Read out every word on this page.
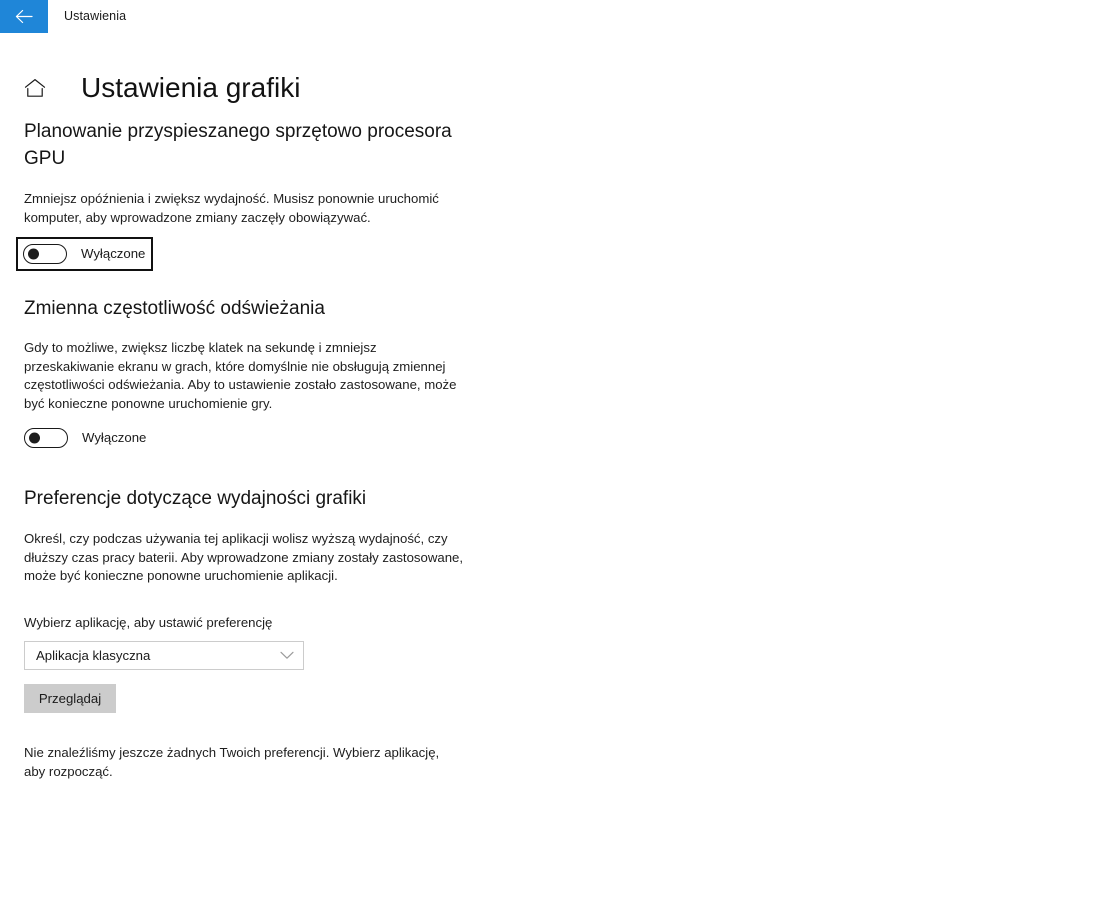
Ustawienia
Ustawienia grafiki
Planowanie przyspieszanego sprzętowo procesora GPU

Zmniejsz opóźnienia i zwiększ wydajność. Musisz ponownie uruchomić komputer, aby wprowadzone zmiany zaczęły obowiązywać.

Wyłączone
Zmienna częstotliwość odświeżania

Gdy to możliwe, zwiększ liczbę klatek na sekundę i zmniejsz przeskakiwanie ekranu w grach, które domyślnie nie obsługują zmiennej częstotliwości odświeżania. Aby to ustawienie zostało zastosowane, może być konieczne ponowne uruchomienie gry.

Wyłączone
Preferencje dotyczące wydajności grafiki

Określ, czy podczas używania tej aplikacji wolisz wyższą wydajność, czy dłuższy czas pracy baterii. Aby wprowadzone zmiany zostały zastosowane, może być konieczne ponowne uruchomienie aplikacji.

Wybierz aplikację, aby ustawić preferencję
Aplikacja klasyczna
Przeglądaj
Nie znaleźliśmy jeszcze żadnych Twoich preferencji. Wybierz aplikację, aby rozpocząć.
